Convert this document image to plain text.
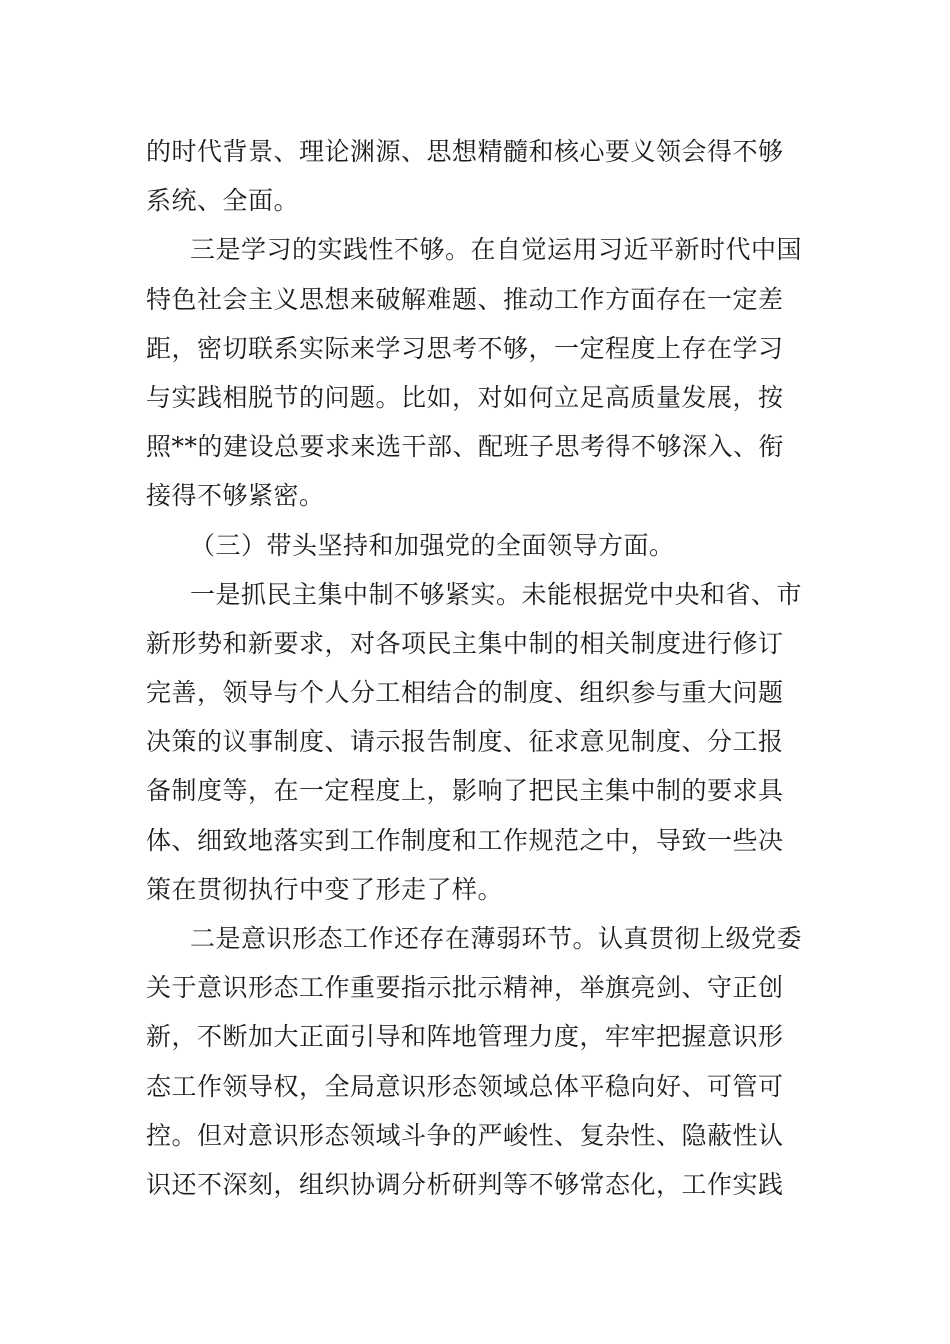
的时代背景、理论渊源、思想精髓和核心要义领会得不够
系统、全面。
三是学习的实践性不够。在自觉运用习近平新时代中国
特色社会主义思想来破解难题、推动工作方面存在一定差
距，密切联系实际来学习思考不够，一定程度上存在学习
与实践相脱节的问题。比如，对如何立足高质量发展，按
照**的建设总要求来选干部、配班子思考得不够深入、衔
接得不够紧密。
（三）带头坚持和加强党的全面领导方面。
一是抓民主集中制不够紧实。未能根据党中央和省、市
新形势和新要求，对各项民主集中制的相关制度进行修订
完善，领导与个人分工相结合的制度、组织参与重大问题
决策的议事制度、请示报告制度、征求意见制度、分工报
备制度等，在一定程度上，影响了把民主集中制的要求具
体、细致地落实到工作制度和工作规范之中，导致一些决
策在贯彻执行中变了形走了样。
二是意识形态工作还存在薄弱环节。认真贯彻上级党委
关于意识形态工作重要指示批示精神，举旗亮剑、守正创
新，不断加大正面引导和阵地管理力度，牢牢把握意识形
态工作领导权，全局意识形态领域总体平稳向好、可管可
控。但对意识形态领域斗争的严峻性、复杂性、隐蔽性认
识还不深刻，组织协调分析研判等不够常态化，工作实践
